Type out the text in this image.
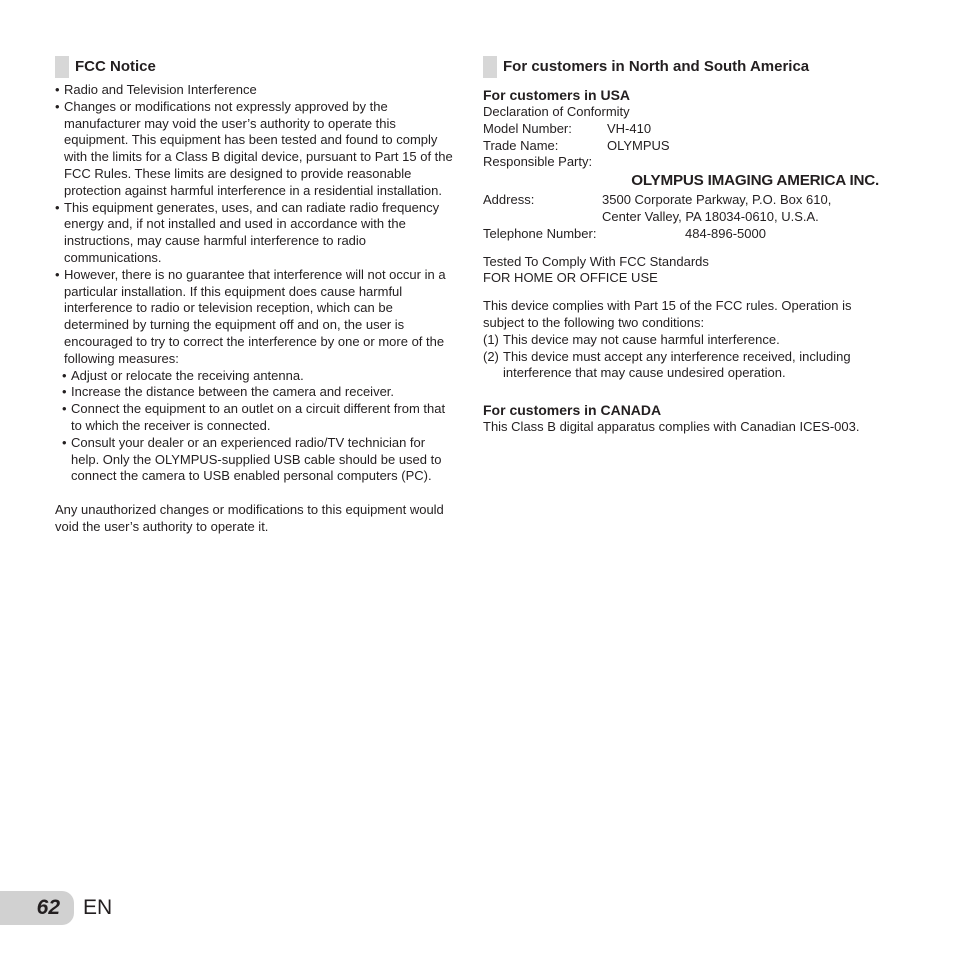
FCC Notice
• Radio and Television Interference
• Changes or modifications not expressly approved by the manufacturer may void the user’s authority to operate this equipment. This equipment has been tested and found to comply with the limits for a Class B digital device, pursuant to Part 15 of the FCC Rules. These limits are designed to provide reasonable protection against harmful interference in a residential installation.
• This equipment generates, uses, and can radiate radio frequency energy and, if not installed and used in accordance with the instructions, may cause harmful interference to radio communications.
• However, there is no guarantee that interference will not occur in a particular installation. If this equipment does cause harmful interference to radio or television reception, which can be determined by turning the equipment off and on, the user is encouraged to try to correct the interference by one or more of the following measures:
• Adjust or relocate the receiving antenna.
• Increase the distance between the camera and receiver.
• Connect the equipment to an outlet on a circuit different from that to which the receiver is connected.
• Consult your dealer or an experienced radio/TV technician for help. Only the OLYMPUS-supplied USB cable should be used to connect the camera to USB enabled personal computers (PC).

Any unauthorized changes or modifications to this equipment would void the user’s authority to operate it.

For customers in North and South America
For customers in USA

Declaration of Conformity

Model Number:	VH-410
Trade Name:	OLYMPUS

Responsible Party:

OLYMPUS IMAGING AMERICA INC.
Address:	3500 Corporate Parkway, P.O. Box 610,
Center Valley, PA 18034-0610, U.S.A.
Telephone Number:	484-896-5000

Tested To Comply With FCC Standards

FOR HOME OR OFFICE USE

This device complies with Part 15 of the FCC rules. Operation is subject to the following two conditions:

(1) This device may not cause harmful interference.
(2) This device must accept any interference received, including interference that may cause undesired operation.
For customers in CANADA

This Class B digital apparatus complies with Canadian ICES-003.

62 EN
